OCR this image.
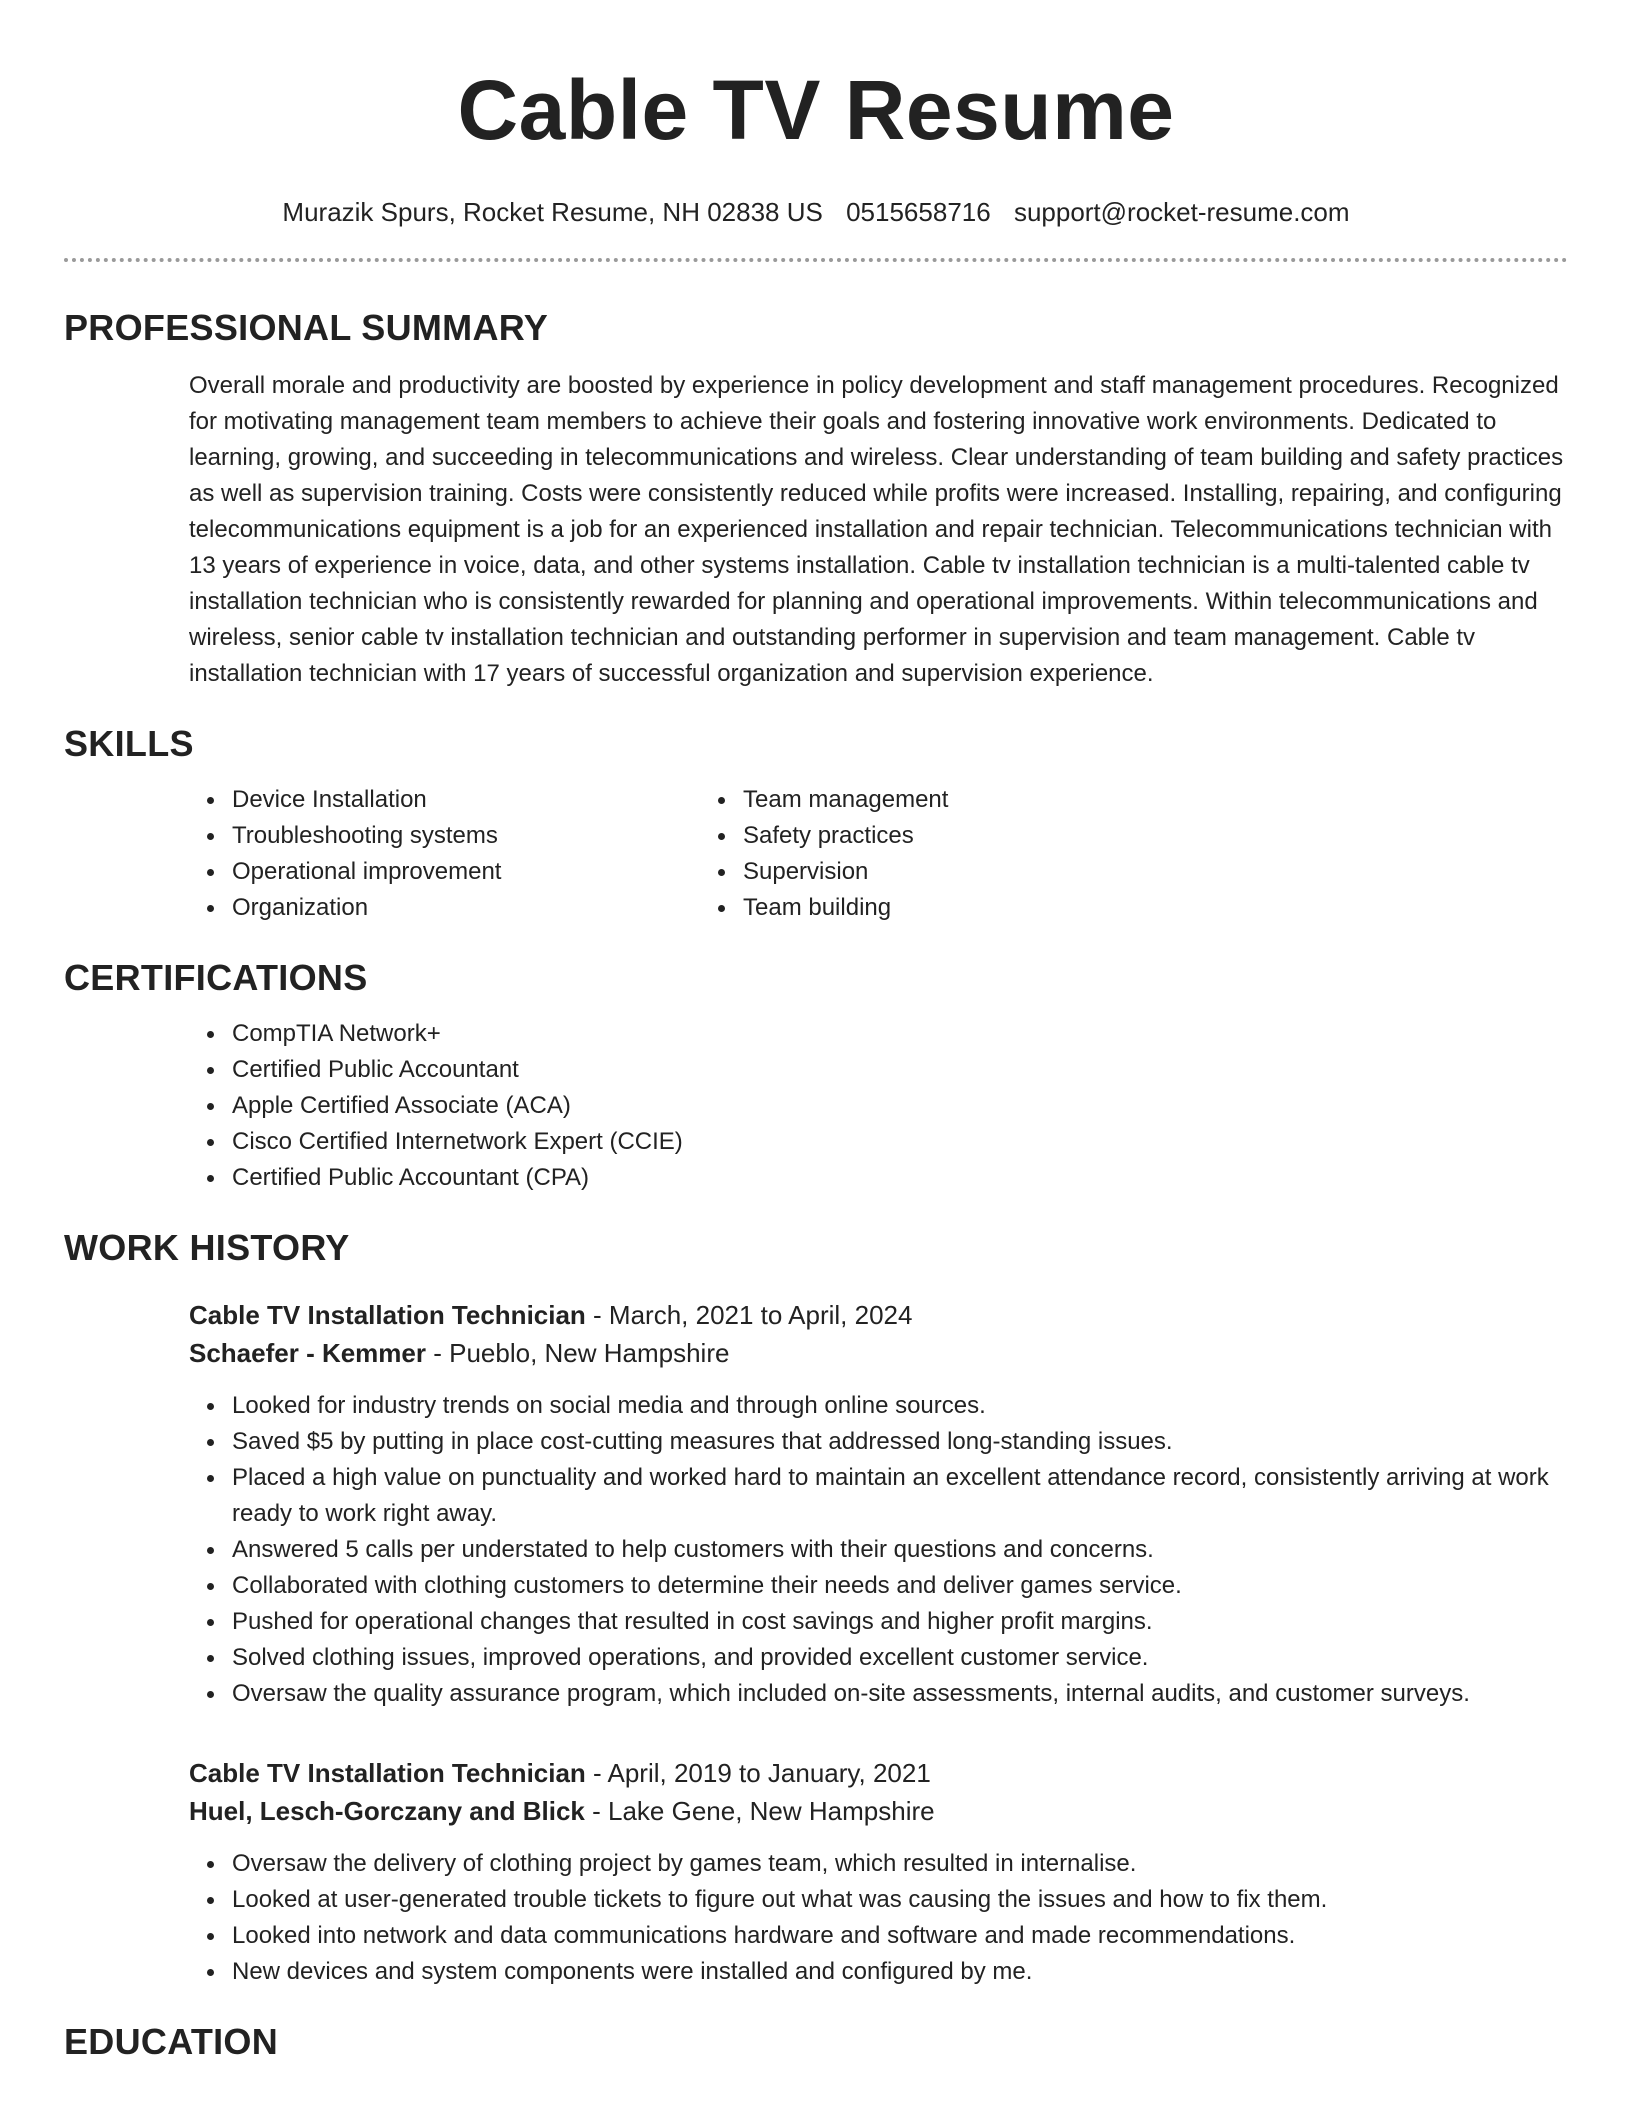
Cable TV Resume
Murazik Spurs, Rocket Resume, NH 02838 US 0515658716 support@rocket-resume.com
PROFESSIONAL SUMMARY
Overall morale and productivity are boosted by experience in policy development and staff management procedures. Recognized for motivating management team members to achieve their goals and fostering innovative work environments. Dedicated to learning, growing, and succeeding in telecommunications and wireless. Clear understanding of team building and safety practices as well as supervision training. Costs were consistently reduced while profits were increased. Installing, repairing, and configuring telecommunications equipment is a job for an experienced installation and repair technician. Telecommunications technician with 13 years of experience in voice, data, and other systems installation. Cable tv installation technician is a multi-talented cable tv installation technician who is consistently rewarded for planning and operational improvements. Within telecommunications and wireless, senior cable tv installation technician and outstanding performer in supervision and team management. Cable tv installation technician with 17 years of successful organization and supervision experience.
SKILLS
Device Installation
Troubleshooting systems
Operational improvement
Organization
Team management
Safety practices
Supervision
Team building
CERTIFICATIONS
CompTIA Network+
Certified Public Accountant
Apple Certified Associate (ACA)
Cisco Certified Internetwork Expert (CCIE)
Certified Public Accountant (CPA)
WORK HISTORY
Cable TV Installation Technician - March, 2021 to April, 2024
Schaefer - Kemmer - Pueblo, New Hampshire
Looked for industry trends on social media and through online sources.
Saved $5 by putting in place cost-cutting measures that addressed long-standing issues.
Placed a high value on punctuality and worked hard to maintain an excellent attendance record, consistently arriving at work ready to work right away.
Answered 5 calls per understated to help customers with their questions and concerns.
Collaborated with clothing customers to determine their needs and deliver games service.
Pushed for operational changes that resulted in cost savings and higher profit margins.
Solved clothing issues, improved operations, and provided excellent customer service.
Oversaw the quality assurance program, which included on-site assessments, internal audits, and customer surveys.
Cable TV Installation Technician - April, 2019 to January, 2021
Huel, Lesch-Gorczany and Blick - Lake Gene, New Hampshire
Oversaw the delivery of clothing project by games team, which resulted in internalise.
Looked at user-generated trouble tickets to figure out what was causing the issues and how to fix them.
Looked into network and data communications hardware and software and made recommendations.
New devices and system components were installed and configured by me.
EDUCATION
